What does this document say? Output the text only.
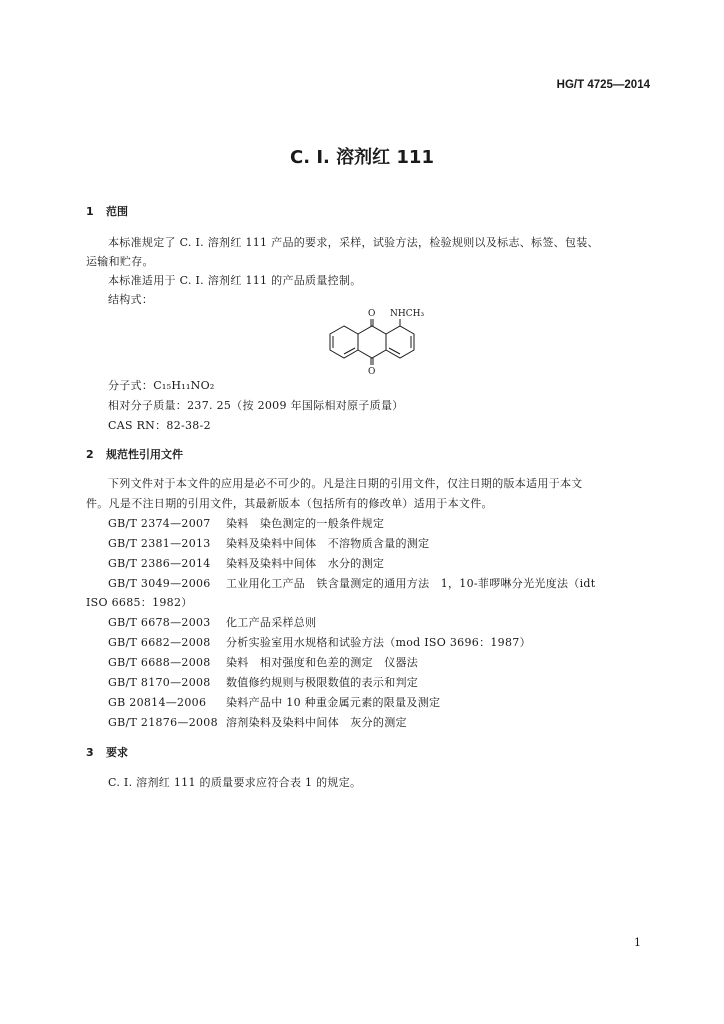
HG/T 4725—2014
C. I. 溶剂红 111
1 范围
本标准规定了 C. I. 溶剂红 111 产品的要求，采样，试验方法，检验规则以及标志、标签、包装、
运输和贮存。
本标准适用于 C. I. 溶剂红 111 的产品质量控制。
结构式：
O NHCH₃
O
分子式：C₁₅H₁₁NO₂
相对分子质量：237. 25（按 2009 年国际相对原子质量）
CAS RN：82-38-2
2 规范性引用文件
下列文件对于本文件的应用是必不可少的。凡是注日期的引用文件，仅注日期的版本适用于本文
件。凡是不注日期的引用文件，其最新版本（包括所有的修改单）适用于本文件。
GB/T 2374—2007 染料　染色测定的一般条件规定
GB/T 2381—2013 染料及染料中间体　不溶物质含量的测定
GB/T 2386—2014 染料及染料中间体　水分的测定
GB/T 3049—2006 工业用化工产品　铁含量测定的通用方法　1，10-菲啰啉分光光度法（idt
ISO 6685：1982）
GB/T 6678—2003 化工产品采样总则
GB/T 6682—2008 分析实验室用水规格和试验方法（mod ISO 3696：1987）
GB/T 6688—2008 染料　相对强度和色差的测定　仪器法
GB/T 8170—2008 数值修约规则与极限数值的表示和判定
GB 20814—2006 染料产品中 10 种重金属元素的限量及测定
GB/T 21876—2008 溶剂染料及染料中间体　灰分的测定
3 要求
C. I. 溶剂红 111 的质量要求应符合表 1 的规定。
1
